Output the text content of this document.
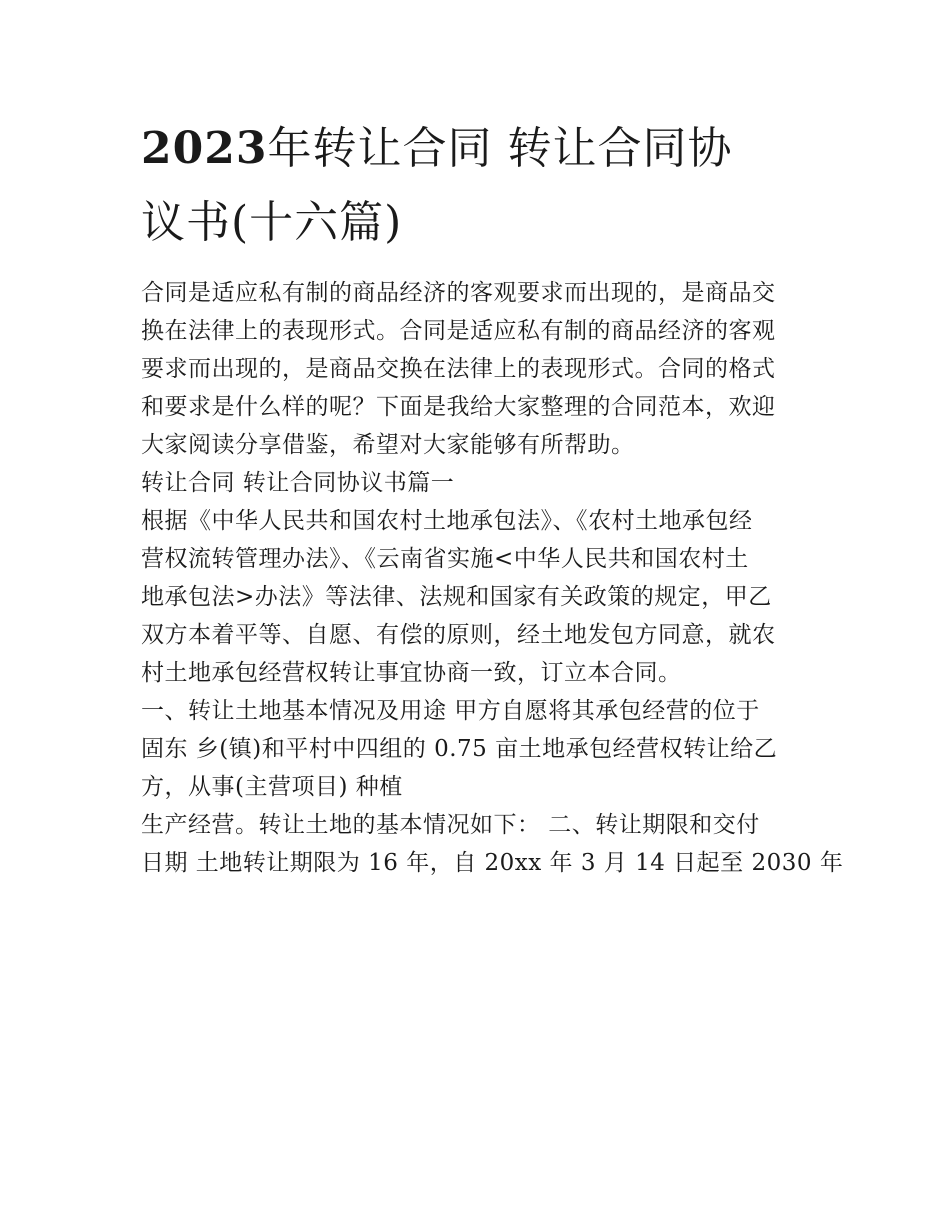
2023年转让合同 转让合同协
议书(十六篇)
合同是适应私有制的商品经济的客观要求而出现的，是商品交
换在法律上的表现形式。合同是适应私有制的商品经济的客观
要求而出现的，是商品交换在法律上的表现形式。合同的格式
和要求是什么样的呢？下面是我给大家整理的合同范本，欢迎
大家阅读分享借鉴，希望对大家能够有所帮助。
转让合同 转让合同协议书篇一
根据《中华人民共和国农村土地承包法》、《农村土地承包经
营权流转管理办法》、《云南省实施<中华人民共和国农村土
地承包法>办法》等法律、法规和国家有关政策的规定，甲乙
双方本着平等、自愿、有偿的原则，经土地发包方同意，就农
村土地承包经营权转让事宜协商一致，订立本合同。
一、转让土地基本情况及用途 甲方自愿将其承包经营的位于
固东 乡(镇)和平村中四组的 0.75 亩土地承包经营权转让给乙
方，从事(主营项目) 种植
生产经营。转让土地的基本情况如下： 二、转让期限和交付
日期 土地转让期限为 16 年，自 20xx 年 3 月 14 日起至 2030 年
